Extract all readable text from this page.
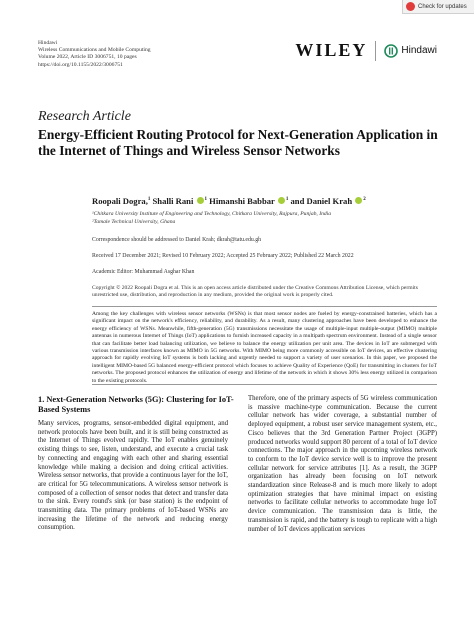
Check for updates
Hindawi
Wireless Communications and Mobile Computing
Volume 2022, Article ID 3006751, 10 pages
https://doi.org/10.1155/2022/3006751
WILEY	Hindawi
Research Article
Energy-Efficient Routing Protocol for Next-Generation Application in the Internet of Things and Wireless Sensor Networks
Roopali Dogra,$^1$ Shalli Rani $^1$ Himanshi Babbar $^1$ and Daniel Krah $^2$
¹Chitkara University Institute of Engineering and Technology, Chitkara University, Rajpura, Punjab, India
²Tamale Technical University, Ghana
Correspondence should be addressed to Daniel Krah; dkrah@tatu.edu.gh
Received 17 December 2021; Revised 10 February 2022; Accepted 25 February 2022; Published 22 March 2022
Academic Editor: Muhammad Asghar Khan
Copyright © 2022 Roopali Dogra et al. This is an open access article distributed under the Creative Commons Attribution License, which permits unrestricted use, distribution, and reproduction in any medium, provided the original work is properly cited.
Among the key challenges with wireless sensor networks (WSNs) is that most sensor nodes are fueled by energy-constrained batteries, which has a significant impact on the network's efficiency, reliability, and durability. As a result, many clustering approaches have been developed to enhance the energy efficiency of WSNs. Meanwhile, fifth-generation (5G) transmissions necessitate the usage of multiple-input multiple-output (MIMO) multiple antennas in numerous Internet of Things (IoT) applications to furnish increased capacity in a multipath spectrum environment. Instead of a single sensor that can facilitate better load balancing utilization, we believe to balance the energy utilization per unit area. The devices in IoT are submerged with various transmission interfaces known as MIMO in 5G networks. With MIMO being more commonly accessible on IoT devices, an effective clustering approach for rapidly evolving IoT systems is both lacking and urgently needed to support a variety of user scenarios. In this paper, we proposed the intelligent MIMO-based 5G balanced energy-efficient protocol which focuses to achieve Quality of Experience (QoE) for transmitting in clusters for IoT networks. The proposed protocol enhances the utilization of energy and lifetime of the network in which it shows 30% less energy utilized in comparison to the existing protocols.
1. Next-Generation Networks (5G): Clustering for IoT-Based Systems
Many services, programs, sensor-embedded digital equipment, and network protocols have been built, and it is still being constructed as the Internet of Things evolved rapidly. The IoT enables genuinely existing things to see, listen, understand, and execute a crucial task by connecting and engaging with each other and sharing essential knowledge while making a decision and doing critical activities. Wireless sensor networks, that provide a continuous layer for the IoT, are critical for 5G telecommunications. A wireless sensor network is composed of a collection of sensor nodes that detect and transfer data to the sink. Every round's sink (or base station) is the endpoint of transmitting data. The primary problems of IoT-based WSNs are increasing the lifetime of the network and reducing energy consumption.
Therefore, one of the primary aspects of 5G wireless communication is massive machine-type communication. Because the current cellular network has wider coverage, a substantial number of deployed equipment, a robust user service management system, etc., Cisco believes that the 3rd Generation Partner Project (3GPP) produced networks would support 80 percent of a total of IoT device connections. The major approach in the upcoming wireless network to conform to the IoT device service well is to improve the present cellular network for service attributes [1]. As a result, the 3GPP organization has already been focusing on IoT network standardization since Release-8 and is much more likely to adopt optimization strategies that have minimal impact on existing networks to facilitate cellular networks to accommodate huge IoT device communication. The transmission data is little, the transmission is rapid, and the battery is tough to replicate with a high number of IoT devices application services
